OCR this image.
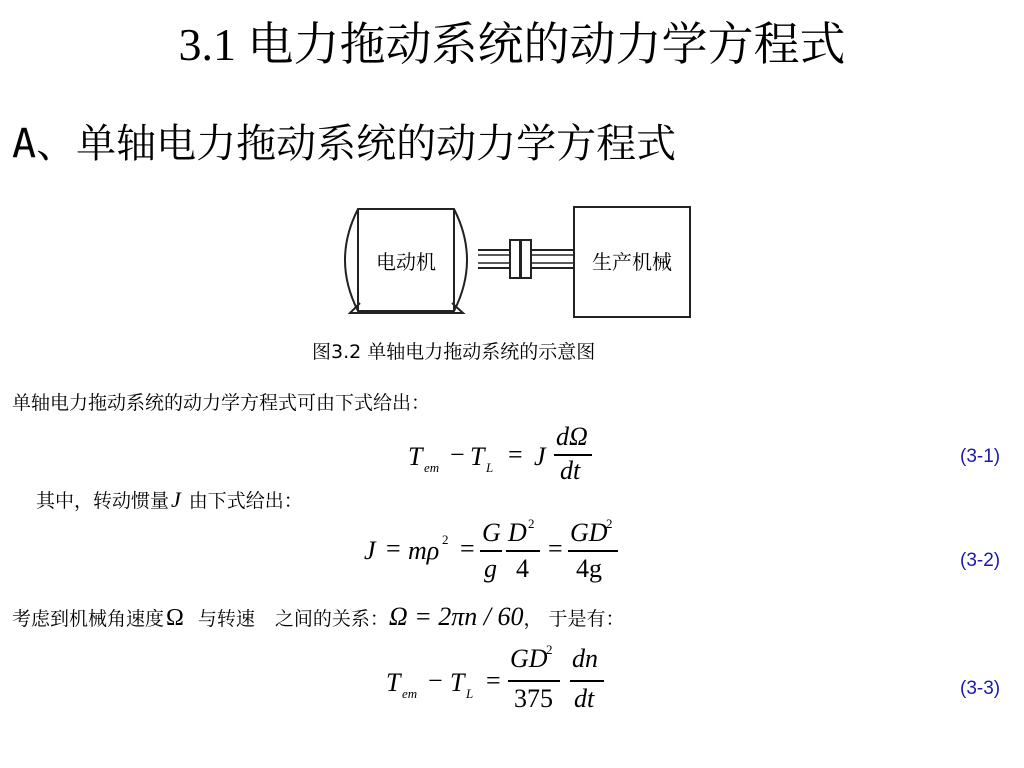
3.1 电力拖动系统的动力学方程式
A、单轴电力拖动系统的动力学方程式
电动机	生产机械
图3.2 单轴电力拖动系统的示意图
单轴电力拖动系统的动力学方程式可由下式给出：
T em − T L = J
dΩ
dt	(3-1)
其中，转动惯量J 由下式给出：
J = mρ 2 =
G
g
D 2
4
=
GD
2
4g	(3-2)
考虑到机械角速度Ω 与转速 之间的关系：Ω = 2πn / 60， 于是有：
T em − T L =
GD
2
375
dn
dt	(3-3)
